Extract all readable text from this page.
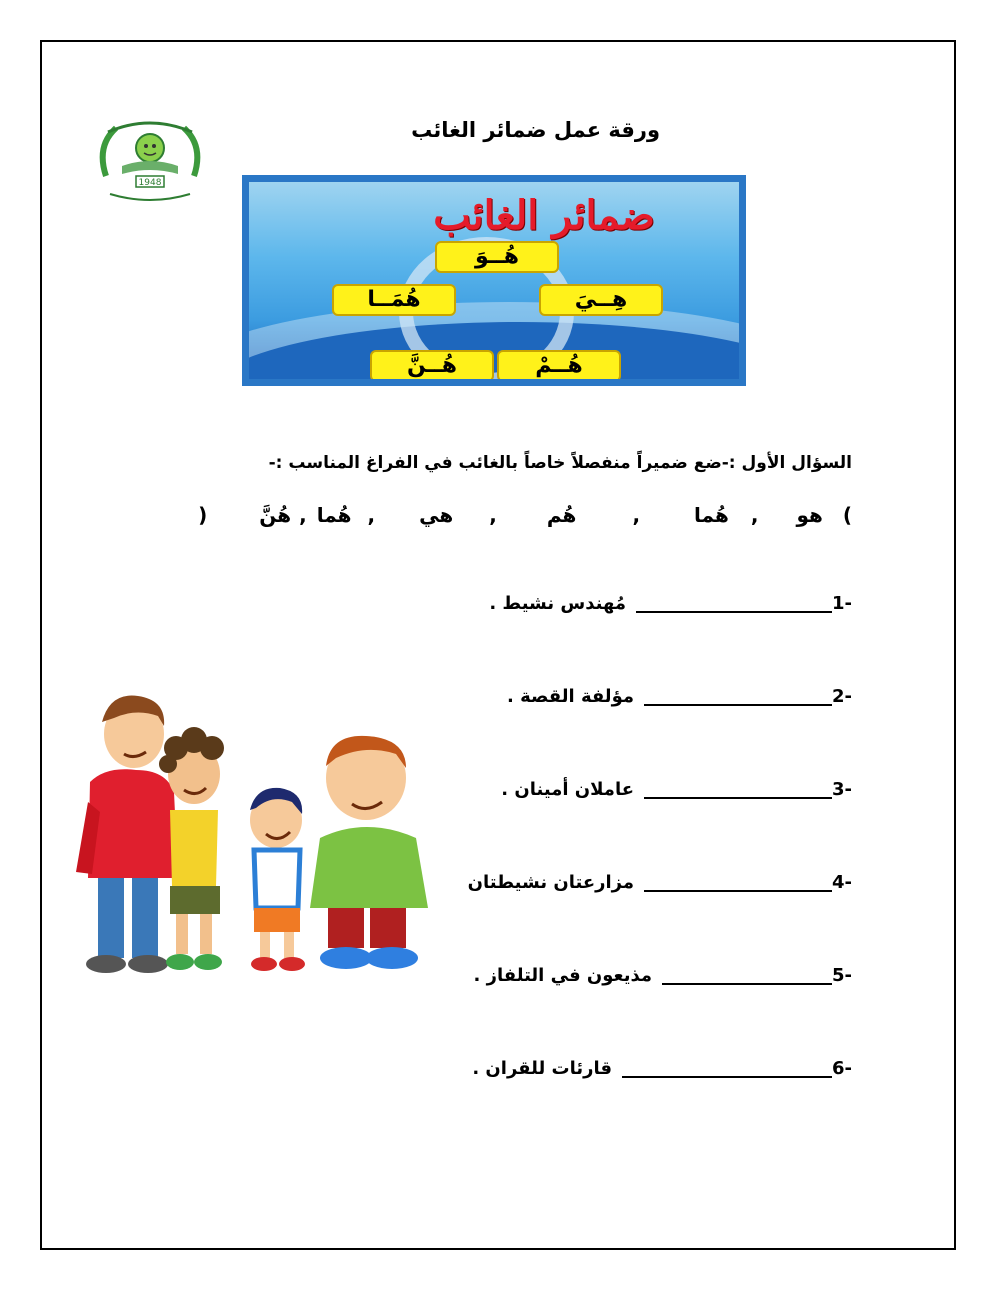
1948
ورقة عمل ضمائر الغائب
ضمائر الغائب
هُــوَ
هُمَــا	هِــيَ
هُــنَّ	هُــمْ
السؤال الأول :-ضع ضميراً منفصلاً خاصاً بالغائب في الفراغ المناسب :-
(
هو
,
هُما
,
هُم
,
هي
,
هُما
,
هُنَّ
)
1-
مُهندس نشيط .
2-
مؤلفة القصة .
3-
عاملان أمينان .
4-
مزارعتان نشيطتان
5-
مذيعون في التلفاز .
6-
قارئات للقران .
